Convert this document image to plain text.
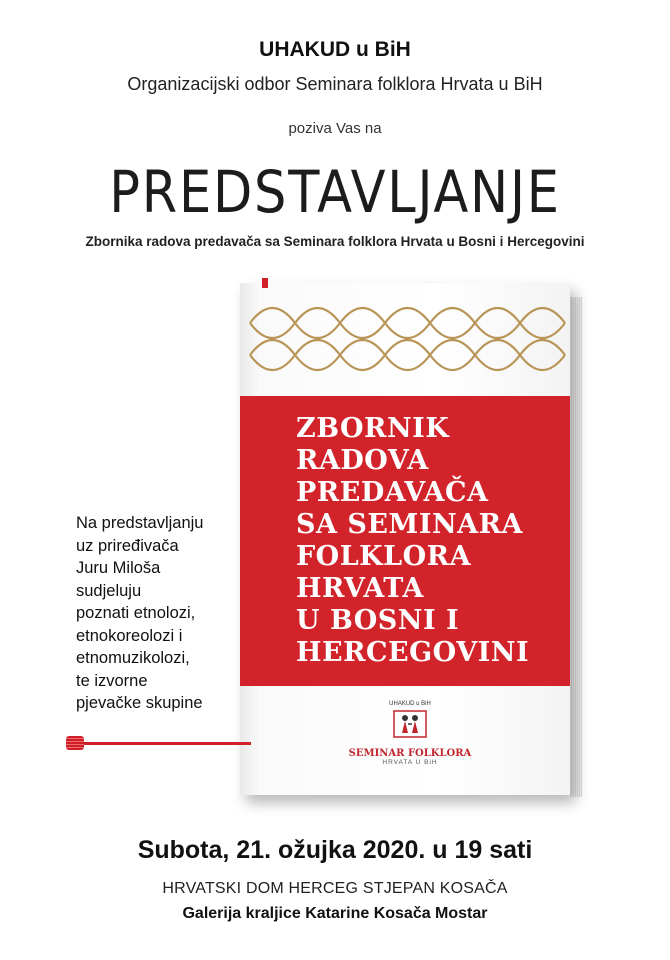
UHAKUD u BiH
Organizacijski odbor Seminara folklora Hrvata u BiH
poziva Vas na
PREDSTAVLJANJE
Zbornika radova predavača sa Seminara folklora Hrvata u Bosni i Hercegovini
ZBORNIK
RADOVA
PREDAVAČA
SA SEMINARA
FOLKLORA
HRVATA
U BOSNI I
HERCEGOVINI
UHAKUD u BiH
SEMINAR FOLKLORA
HRVATA U BiH
Na predstavljanju
uz priređivača
Juru Miloša
sudjeluju
poznati etnolozi,
etnokoreolozi i
etnomuzikolozi,
te izvorne
pjevačke skupine
Subota, 21. ožujka 2020. u 19 sati
HRVATSKI DOM HERCEG STJEPAN KOSAČA
Galerija kraljice Katarine Kosača Mostar
